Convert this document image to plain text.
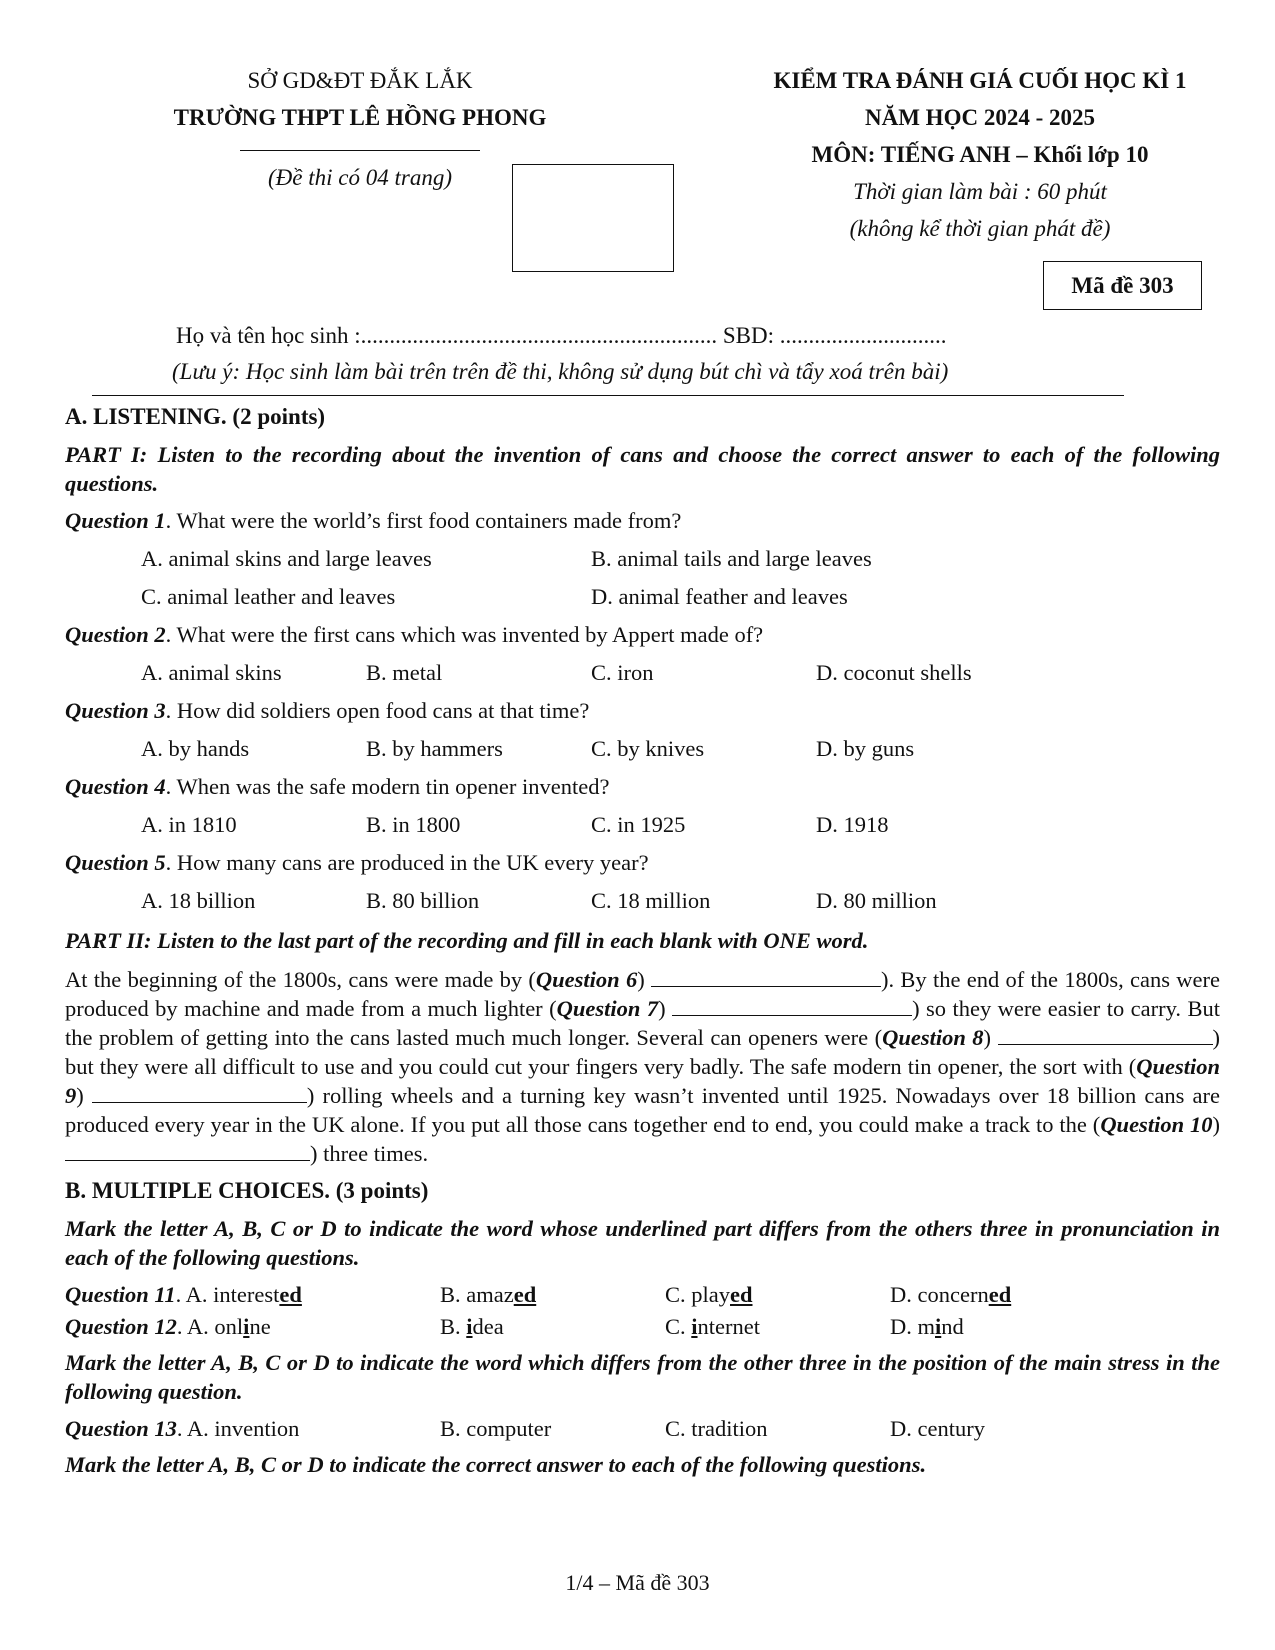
SỞ GD&ĐT ĐẮK LẮK
TRƯỜNG THPT LÊ HỒNG PHONG
(Đề thi có 04 trang)
KIỂM TRA ĐÁNH GIÁ CUỐI HỌC KÌ 1
NĂM HỌC 2024 - 2025
MÔN: TIẾNG ANH – Khối lớp 10
Thời gian làm bài : 60 phút
(không kể thời gian phát đề)
Mã đề 303
Họ và tên học sinh :.............................................................. SBD: .............................
(Lưu ý: Học sinh làm bài trên trên đề thi, không sử dụng bút chì và tẩy xoá trên bài)
A. LISTENING. (2 points)
PART I: Listen to the recording about the invention of cans and choose the correct answer to each of the following questions.
Question 1. What were the world’s first food containers made from?
A. animal skins and large leaves	B. animal tails and large leaves
C. animal leather and leaves	D. animal feather and leaves
Question 2. What were the first cans which was invented by Appert made of?
A. animal skins	B. metal	C. iron	D. coconut shells
Question 3. How did soldiers open food cans at that time?
A. by hands	B. by hammers	C. by knives	D. by guns
Question 4. When was the safe modern tin opener invented?
A. in 1810	B. in 1800	C. in 1925	D. 1918
Question 5. How many cans are produced in the UK every year?
A. 18 billion	B. 80 billion	C. 18 million	D. 80 million
PART II: Listen to the last part of the recording and fill in each blank with ONE word.
At the beginning of the 1800s, cans were made by (Question 6)	). By the end of the 1800s, cans were produced by machine and made from a much lighter (Question 7)	) so they were easier to carry. But the problem of getting into the cans lasted much much longer. Several can openers were (Question 8)	) but they were all difficult to use and you could cut your fingers very badly. The safe modern tin opener, the sort with (Question 9)	) rolling wheels and a turning key wasn’t invented until 1925. Nowadays over 18 billion cans are produced every year in the UK alone. If you put all those cans together end to end, you could make a track to the (Question 10) ) three times.
B. MULTIPLE CHOICES. (3 points)
Mark the letter A, B, C or D to indicate the word whose underlined part differs from the others three in pronunciation in each of the following questions.
Question 11. A. interested	B. amazed	C. played	D. concerned
Question 12. A. online	B. idea	C. internet	D. mind
Mark the letter A, B, C or D to indicate the word which differs from the other three in the position of the main stress in the following question.
Question 13. A. invention	B. computer	C. tradition	D. century
Mark the letter A, B, C or D to indicate the correct answer to each of the following questions.
1/4 – Mã đề 303
